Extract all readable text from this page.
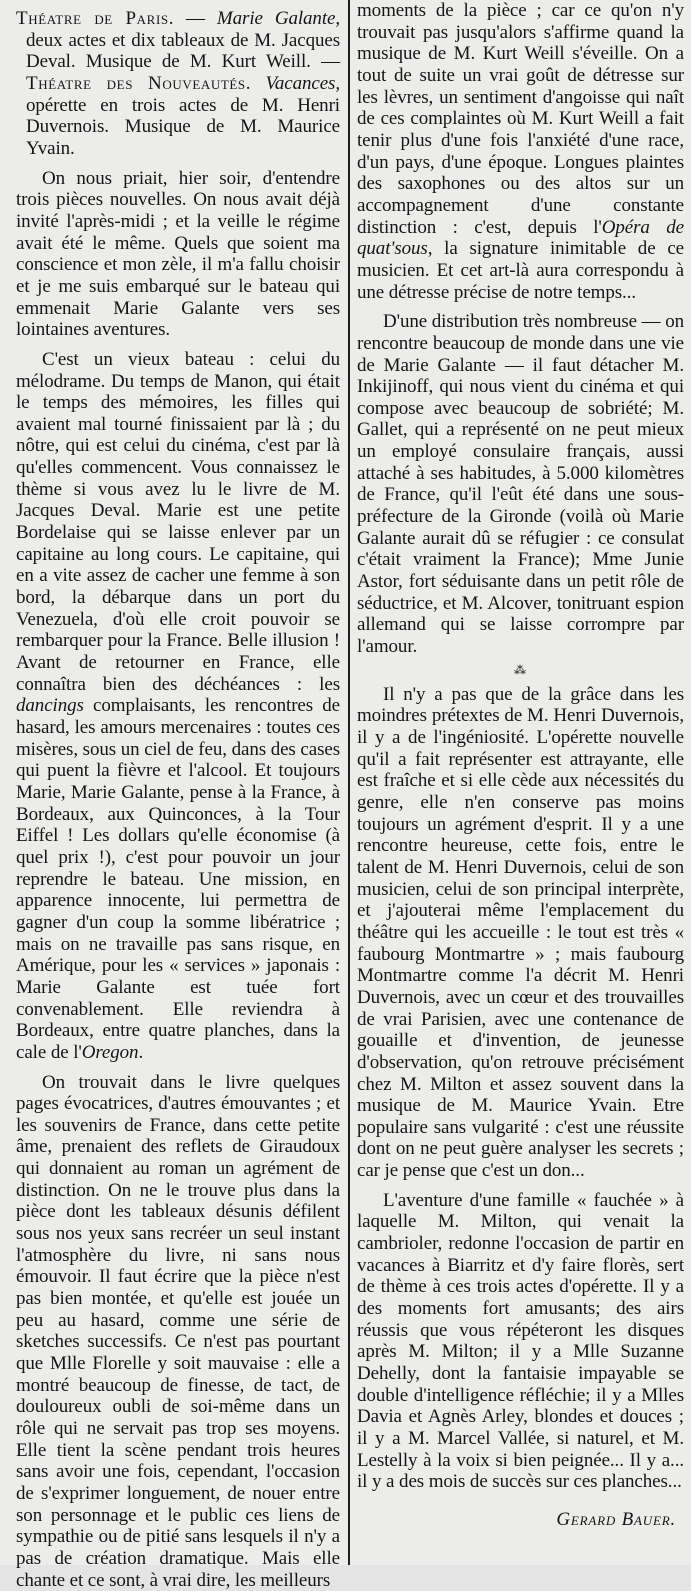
Théatre de Paris. — Marie Galante, deux actes et dix tableaux de M. Jacques Deval. Musique de M. Kurt Weill. — Théatre des Nouveautés. Vacances, opérette en trois actes de M. Henri Duvernois. Musique de M. Maurice Yvain.

On nous priait, hier soir, d'entendre trois pièces nouvelles. On nous avait déjà invité l'après-midi ; et la veille le régime avait été le même. Quels que soient ma conscience et mon zèle, il m'a fallu choisir et je me suis embarqué sur le bateau qui emmenait Marie Galante vers ses lointaines aventures.

C'est un vieux bateau : celui du mélodrame. Du temps de Manon, qui était le temps des mémoires, les filles qui avaient mal tourné finissaient par là ; du nôtre, qui est celui du cinéma, c'est par là qu'elles commencent. Vous connaissez le thème si vous avez lu le livre de M. Jacques Deval. Marie est une petite Bordelaise qui se laisse enlever par un capitaine au long cours. Le capitaine, qui en a vite assez de cacher une femme à son bord, la débarque dans un port du Venezuela, d'où elle croit pouvoir se rembarquer pour la France. Belle illusion ! Avant de retourner en France, elle connaîtra bien des déchéances : les dancings complaisants, les rencontres de hasard, les amours mercenaires : toutes ces misères, sous un ciel de feu, dans des cases qui puent la fièvre et l'alcool. Et toujours Marie, Marie Galante, pense à la France, à Bordeaux, aux Quinconces, à la Tour Eiffel ! Les dollars qu'elle économise (à quel prix !), c'est pour pouvoir un jour reprendre le bateau. Une mission, en apparence innocente, lui permettra de gagner d'un coup la somme libératrice ; mais on ne travaille pas sans risque, en Amérique, pour les « services » japonais : Marie Galante est tuée fort convenablement. Elle reviendra à Bordeaux, entre quatre planches, dans la cale de l'Oregon.

On trouvait dans le livre quelques pages évocatrices, d'autres émouvantes ; et les souvenirs de France, dans cette petite âme, prenaient des reflets de Giraudoux qui donnaient au roman un agrément de distinction. On ne le trouve plus dans la pièce dont les tableaux désunis défilent sous nos yeux sans recréer un seul instant l'atmosphère du livre, ni sans nous émouvoir. Il faut écrire que la pièce n'est pas bien montée, et qu'elle est jouée un peu au hasard, comme une série de sketches successifs. Ce n'est pas pourtant que Mlle Florelle y soit mauvaise : elle a montré beaucoup de finesse, de tact, de douloureux oubli de soi-même dans un rôle qui ne servait pas trop ses moyens. Elle tient la scène pendant trois heures sans avoir une fois, cependant, l'occasion de s'exprimer longuement, de nouer entre son personnage et le public ces liens de sympathie ou de pitié sans lesquels il n'y a pas de création dramatique. Mais elle chante et ce sont, à vrai dire, les meilleurs

moments de la pièce ; car ce qu'on n'y trouvait pas jusqu'alors s'affirme quand la musique de M. Kurt Weill s'éveille. On a tout de suite un vrai goût de détresse sur les lèvres, un sentiment d'angoisse qui naît de ces complaintes où M. Kurt Weill a fait tenir plus d'une fois l'anxiété d'une race, d'un pays, d'une époque. Longues plaintes des saxophones ou des altos sur un accompagnement d'une constante distinction : c'est, depuis l'Opéra de quat'sous, la signature inimitable de ce musicien. Et cet art-là aura correspondu à une détresse précise de notre temps...

D'une distribution très nombreuse — on rencontre beaucoup de monde dans une vie de Marie Galante — il faut détacher M. Inkijinoff, qui nous vient du cinéma et qui compose avec beaucoup de sobriété; M. Gallet, qui a représenté on ne peut mieux un employé consulaire français, aussi attaché à ses habitudes, à 5.000 kilomètres de France, qu'il l'eût été dans une sous-préfecture de la Gironde (voilà où Marie Galante aurait dû se réfugier : ce consulat c'était vraiment la France); Mme Junie Astor, fort séduisante dans un petit rôle de séductrice, et M. Alcover, tonitruant espion allemand qui se laisse corrompre par l'amour.

⁂

Il n'y a pas que de la grâce dans les moindres prétextes de M. Henri Duvernois, il y a de l'ingéniosité. L'opérette nouvelle qu'il a fait représenter est attrayante, elle est fraîche et si elle cède aux nécessités du genre, elle n'en conserve pas moins toujours un agrément d'esprit. Il y a une rencontre heureuse, cette fois, entre le talent de M. Henri Duvernois, celui de son musicien, celui de son principal interprète, et j'ajouterai même l'emplacement du théâtre qui les accueille : le tout est très « faubourg Montmartre » ; mais faubourg Montmartre comme l'a décrit M. Henri Duvernois, avec un cœur et des trouvailles de vrai Parisien, avec une contenance de gouaille et d'invention, de jeunesse d'observation, qu'on retrouve précisément chez M. Milton et assez souvent dans la musique de M. Maurice Yvain. Etre populaire sans vulgarité : c'est une réussite dont on ne peut guère analyser les secrets ; car je pense que c'est un don...

L'aventure d'une famille « fauchée » à laquelle M. Milton, qui venait la cambrioler, redonne l'occasion de partir en vacances à Biarritz et d'y faire florès, sert de thème à ces trois actes d'opérette. Il y a des moments fort amusants; des airs réussis que vous répéteront les disques après M. Milton; il y a Mlle Suzanne Dehelly, dont la fantaisie impayable se double d'intelligence réfléchie; il y a Mlles Davia et Agnès Arley, blondes et douces ; il y a M. Marcel Vallée, si naturel, et M. Lestelly à la voix si bien peignée... Il y a... il y a des mois de succès sur ces planches...

Gerard Bauer.
